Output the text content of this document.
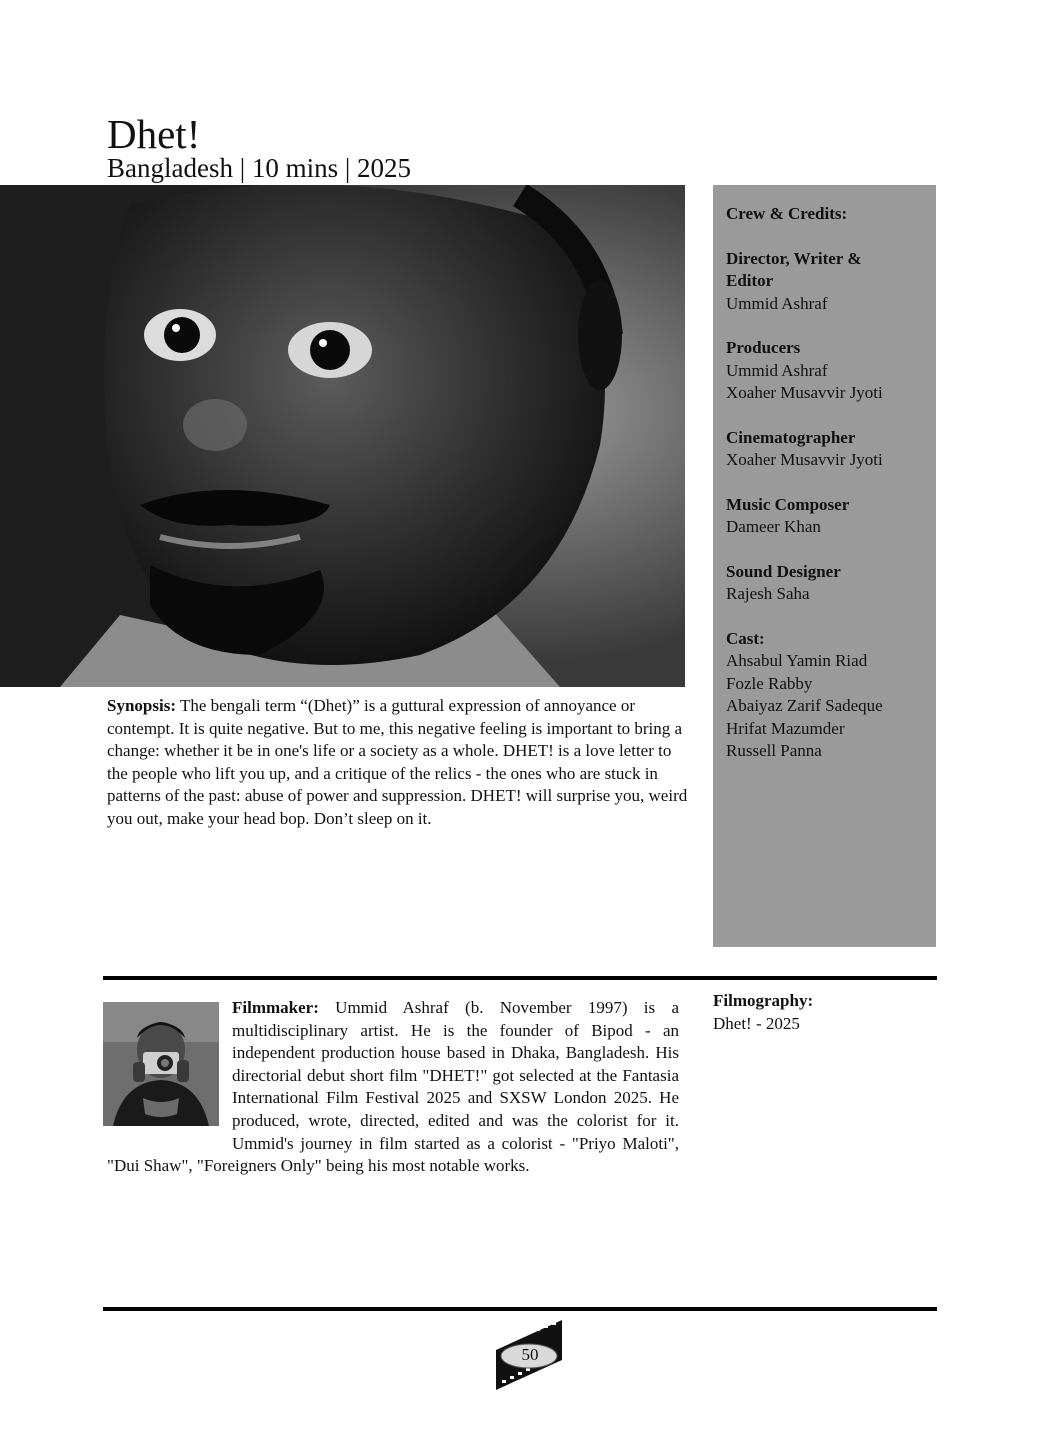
Dhet!
Bangladesh | 10 mins | 2025
Crew & Credits:
Director, Writer &
Editor
Ummid Ashraf
Producers
Ummid Ashraf
Xoaher Musavvir Jyoti
Cinematographer
Xoaher Musavvir Jyoti
Music Composer
Dameer Khan
Sound Designer
Rajesh Saha
Cast:
Ahsabul Yamin Riad
Fozle Rabby
Abaiyaz Zarif Sadeque
Hrifat Mazumder
Russell Panna

Synopsis: The bengali term “(Dhet)” is a guttural expression of annoyance or contempt. It is quite negative. But to me, this negative feeling is important to bring a change: whether it be in one's life or a society as a whole. DHET! is a love letter to the people who lift you up, and a critique of the relics - the ones who are stuck in patterns of the past: abuse of power and suppression. DHET! will surprise you, weird you out, make your head bop. Don’t sleep on it.

Filmmaker: Ummid Ashraf (b. November 1997) is a multidisciplinary artist. He is the founder of Bipod - an independent production house based in Dhaka, Bangladesh. His directorial debut short film "DHET!" got selected at the Fantasia International Film Festival 2025 and SXSW London 2025. He produced, wrote, directed, edited and was the colorist for it. Ummid's journey in film started as a colorist - "Priyo Maloti", "Dui Shaw", "Foreigners Only" being his most notable works.

Filmography:
Dhet! - 2025
50
